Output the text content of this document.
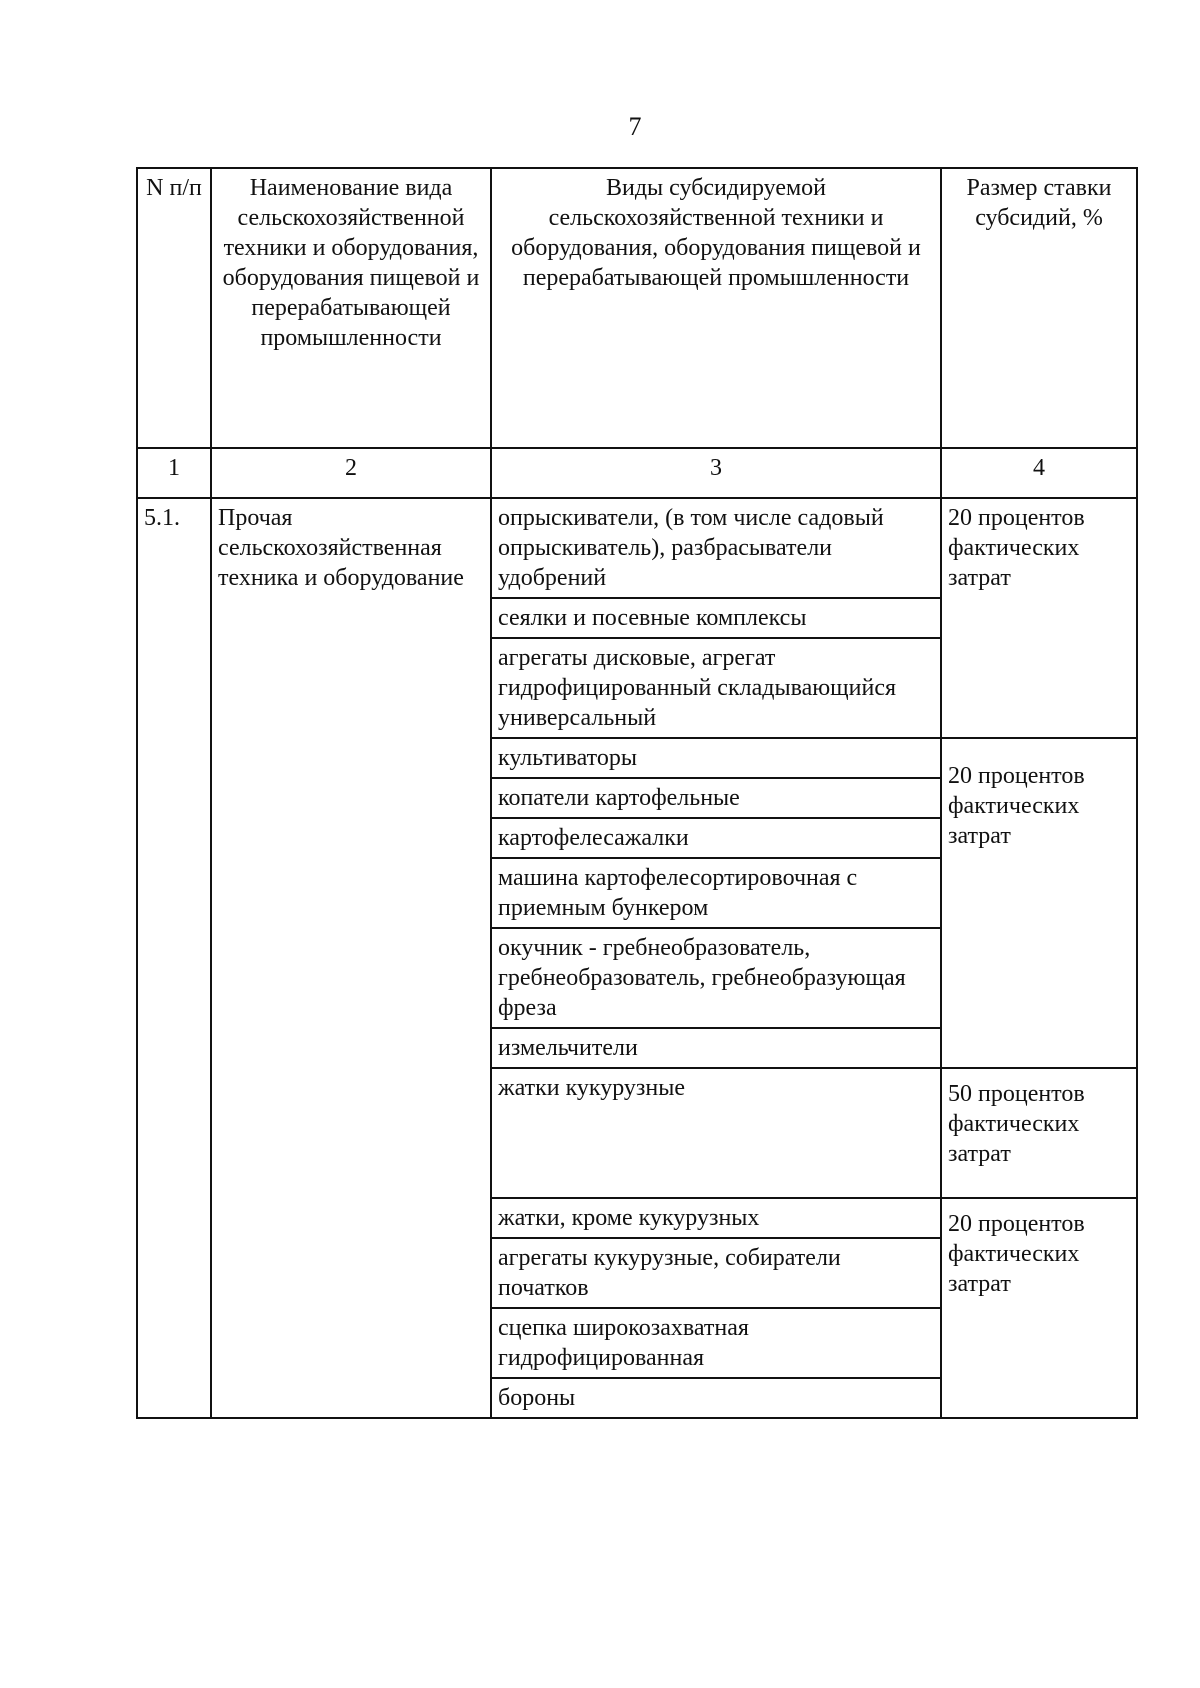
7
N п/п	Наименование вида сельскохозяйственной техники и оборудования, оборудования пищевой и перерабатывающей промышленности	Виды субсидируемой сельскохозяйственной техники и оборудования, оборудования пищевой и перерабатывающей промышленности	Размер ставки субсидий, %
1	2	3	4
5.1.	Прочая сельскохозяйственная техника и оборудование	опрыскиватели, (в том числе садовый опрыскиватель), разбрасыватели удобрений	20 процентов фактических затрат
		сеялки и посевные комплексы	
		агрегаты дисковые, агрегат гидрофицированный складывающийся универсальный	
		культиваторы	20 процентов фактических затрат
		копатели картофельные	
		картофелесажалки	
		машина картофелесортировочная с приемным бункером	
		окучник - гребнеобразователь, гребнеобразователь, гребнеобразующая фреза	
		измельчители	
		жатки кукурузные	50 процентов фактических затрат
		жатки, кроме кукурузных	20 процентов фактических затрат
		агрегаты кукурузные, собиратели початков	
		сцепка широкозахватная гидрофицированная	
		бороны	
